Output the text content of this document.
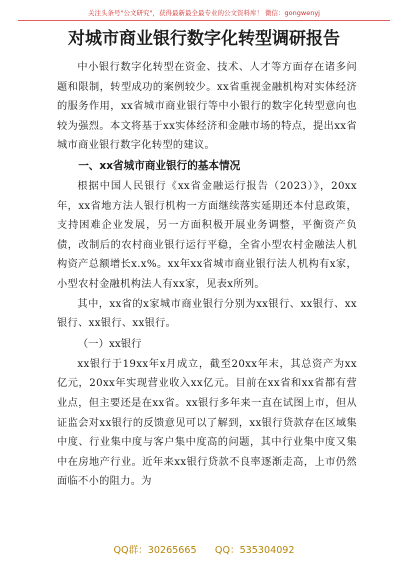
关注头条号"公文研究"，获得最新最全最专业的公文资料库！ 微信：gongwenyj
对城市商业银行数字化转型调研报告

中小银行数字化转型在资金、技术、人才等方面存在诸多问题和限制，转型成功的案例较少。xx省重视金融机构对实体经济的服务作用，xx省城市商业银行等中小银行的数字化转型意向也较为强烈。本文将基于xx实体经济和金融市场的特点，提出xx省城市商业银行数字化转型的建议。

一、xx省城市商业银行的基本情况

根据中国人民银行《xx省金融运行报告（2023）》，20xx年，xx省地方法人银行机构一方面继续落实延期还本付息政策，支持困难企业发展，另一方面积极开展业务调整，平衡资产负债，改制后的农村商业银行运行平稳，全省小型农村金融法人机构资产总额增长x.x%。xx年xx省城市商业银行法人机构有x家，小型农村金融机构法人有xx家，见表x所列。

其中，xx省的x家城市商业银行分别为xx银行、xx银行、xx银行、xx银行、xx银行。

（一）xx银行

xx银行于19xx年x月成立，截至20xx年末，其总资产为xx亿元，20xx年实现营业收入xx亿元。目前在xx省和xx省都有营业点，但主要还是在xx省。xx银行多年来一直在试图上市，但从证监会对xx银行的反馈意见可以了解到，xx银行贷款存在区域集中度、行业集中度与客户集中度高的问题，其中行业集中度又集中在房地产行业。近年来xx银行贷款不良率逐渐走高，上市仍然面临不小的阻力。为

QQ群：30265665      QQ：535304092
